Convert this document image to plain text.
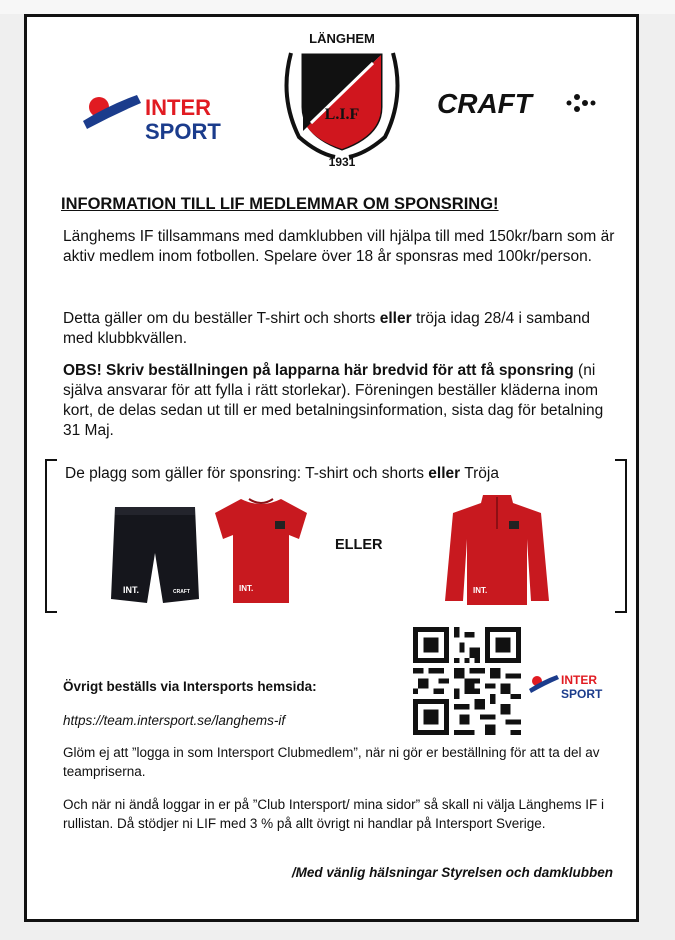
INTER
SPORT
LÄNGHEM
L.I.F
1931
CRAFT
INFORMATION TILL LIF MEDLEMMAR OM SPONSRING!
Länghems IF tillsammans med damklubben vill hjälpa till med 150kr/barn som är aktiv medlem inom fotbollen. Spelare över 18 år sponsras med 100kr/person.
Detta gäller om du beställer T-shirt och shorts eller tröja idag 28/4 i samband med klubbkvällen.
OBS! Skriv beställningen på lapparna här bredvid för att få sponsring (ni själva ansvarar för att fylla i rätt storlekar). Föreningen beställer kläderna inom kort, de delas sedan ut till er med betalningsinformation, sista dag för betalning 31 Maj.
De plagg som gäller för sponsring: T-shirt och shorts eller Tröja
INT.	CRAFT	INT.
ELLER
INT.
INTER
SPORT
Övrigt beställs via Intersports hemsida:
https://team.intersport.se/langhems-if
Glöm ej att ”logga in som Intersport Clubmedlem”, när ni gör er beställning för att ta del av teampriserna.
Och när ni ändå loggar in er på ”Club Intersport/ mina sidor” så skall ni välja Länghems IF i rullistan. Då stödjer ni LIF med 3 % på allt övrigt ni handlar på Intersport Sverige.
/Med vänlig hälsningar Styrelsen och damklubben
